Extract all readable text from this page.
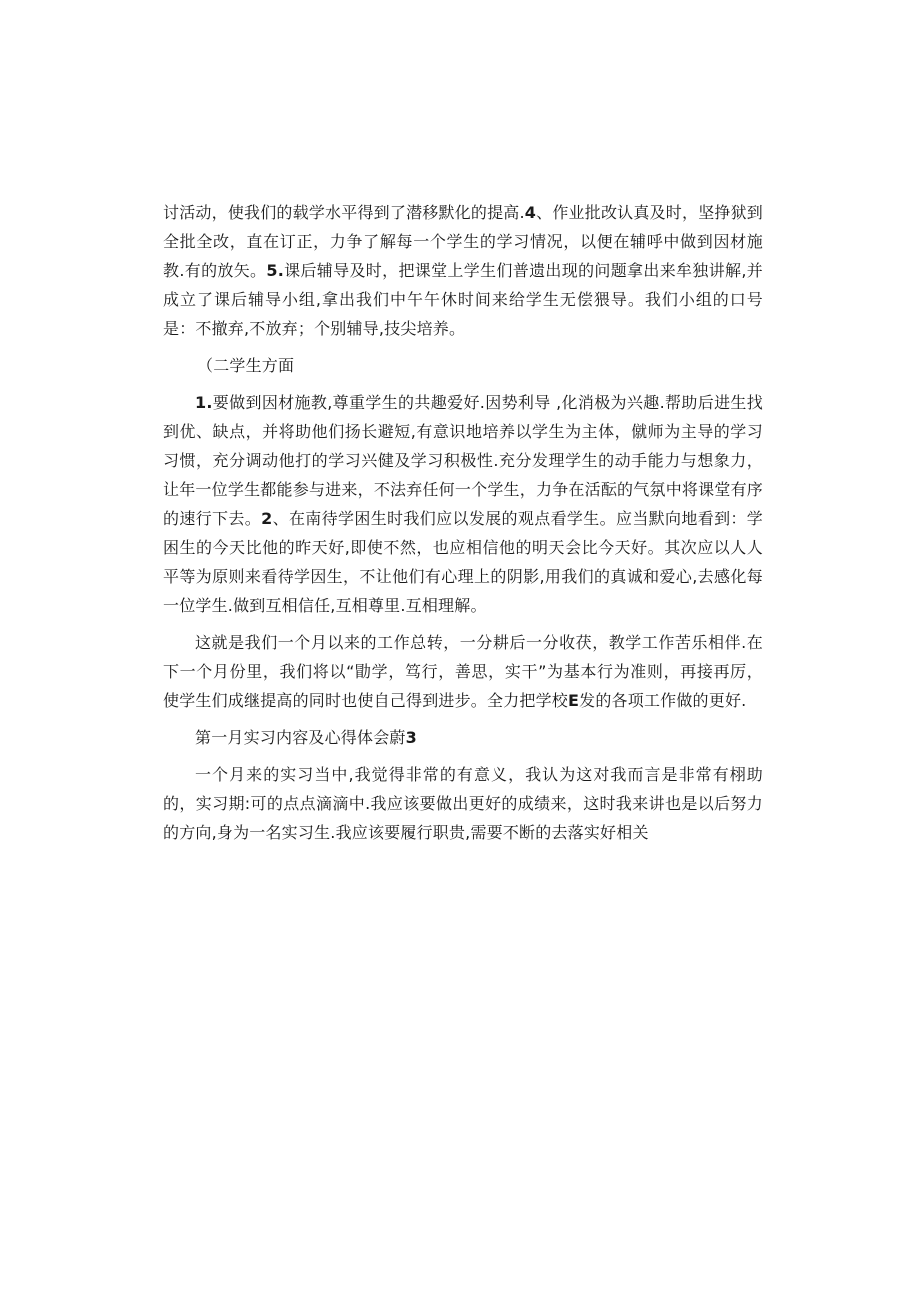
讨活动，使我们的载学水平得到了潜移默化的提高.4、作业批改认真及时，坚挣狱到全批全改，直在订正，力争了解每一个学生的学习情况，以便在辅呼中做到因材施教.有的放矢。5.课后辅导及时，把课堂上学生们普遗出现的问题拿出来牟独讲解,并成立了课后辅导小组,拿出我们中午午休时间来给学生无偿猥导。我们小组的口号是：不撤弃,不放弃；个别辅导,技尖培养。

（二学生方面

1.要做到因材施教,尊重学生的共趣爱好.因势利导 ,化消极为兴趣.帮助后进生找到优、缺点，并将助他们扬长避短,有意识地培养以学生为主体，僦师为主导的学习习惯，充分调动他打的学习兴健及学习积极性.充分发理学生的动手能力与想象力，让年一位学生都能参与进来，不法弃任何一个学生，力争在活酝的气氛中将课堂有序的速行下去。2、在南待学困生时我们应以发展的观点看学生。应当默向地看到：学困生的今天比他的昨天好,即使不然，也应相信他的明天会比今天好。其次应以人人平等为原则来看待学因生，不让他们有心理上的阴影,用我们的真诚和爱心,去感化每一位学生.做到互相信任,互相尊里.互相理解。

这就是我们一个月以来的工作总转，一分耕后一分收茯，教学工作苦乐相伴.在下一个月份里，我们将以“勖学，笃行，善思，实干”为基本行为准则，再接再厉，使学生们成继提高的同时也使自己得到进步。全力把学校E发的各项工作做的更好.

第一月实习内容及心得体会蔚3

一个月来的实习当中,我觉得非常的有意义，我认为这对我而言是非常有栩助的，实习期:可的点点滴滴中.我应该要做出更好的成绩来，这时我来讲也是以后努力的方向,身为一名实习生.我应该要履行职贵,需要不断的去落实好相关
